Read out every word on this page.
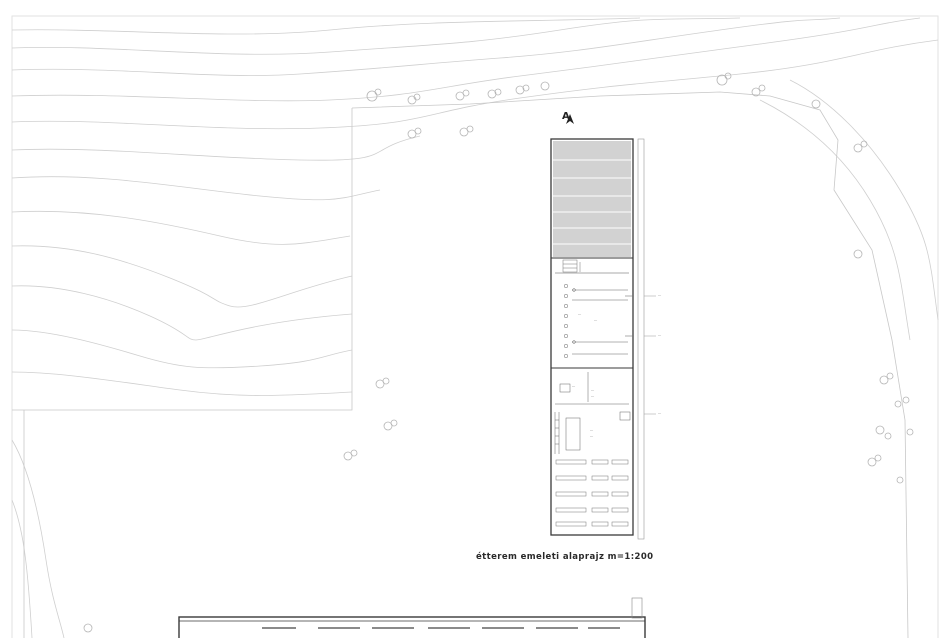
A
étterem emeleti alaprajz m=1:200
...
...
...
...
...
...
...
...
...
...
